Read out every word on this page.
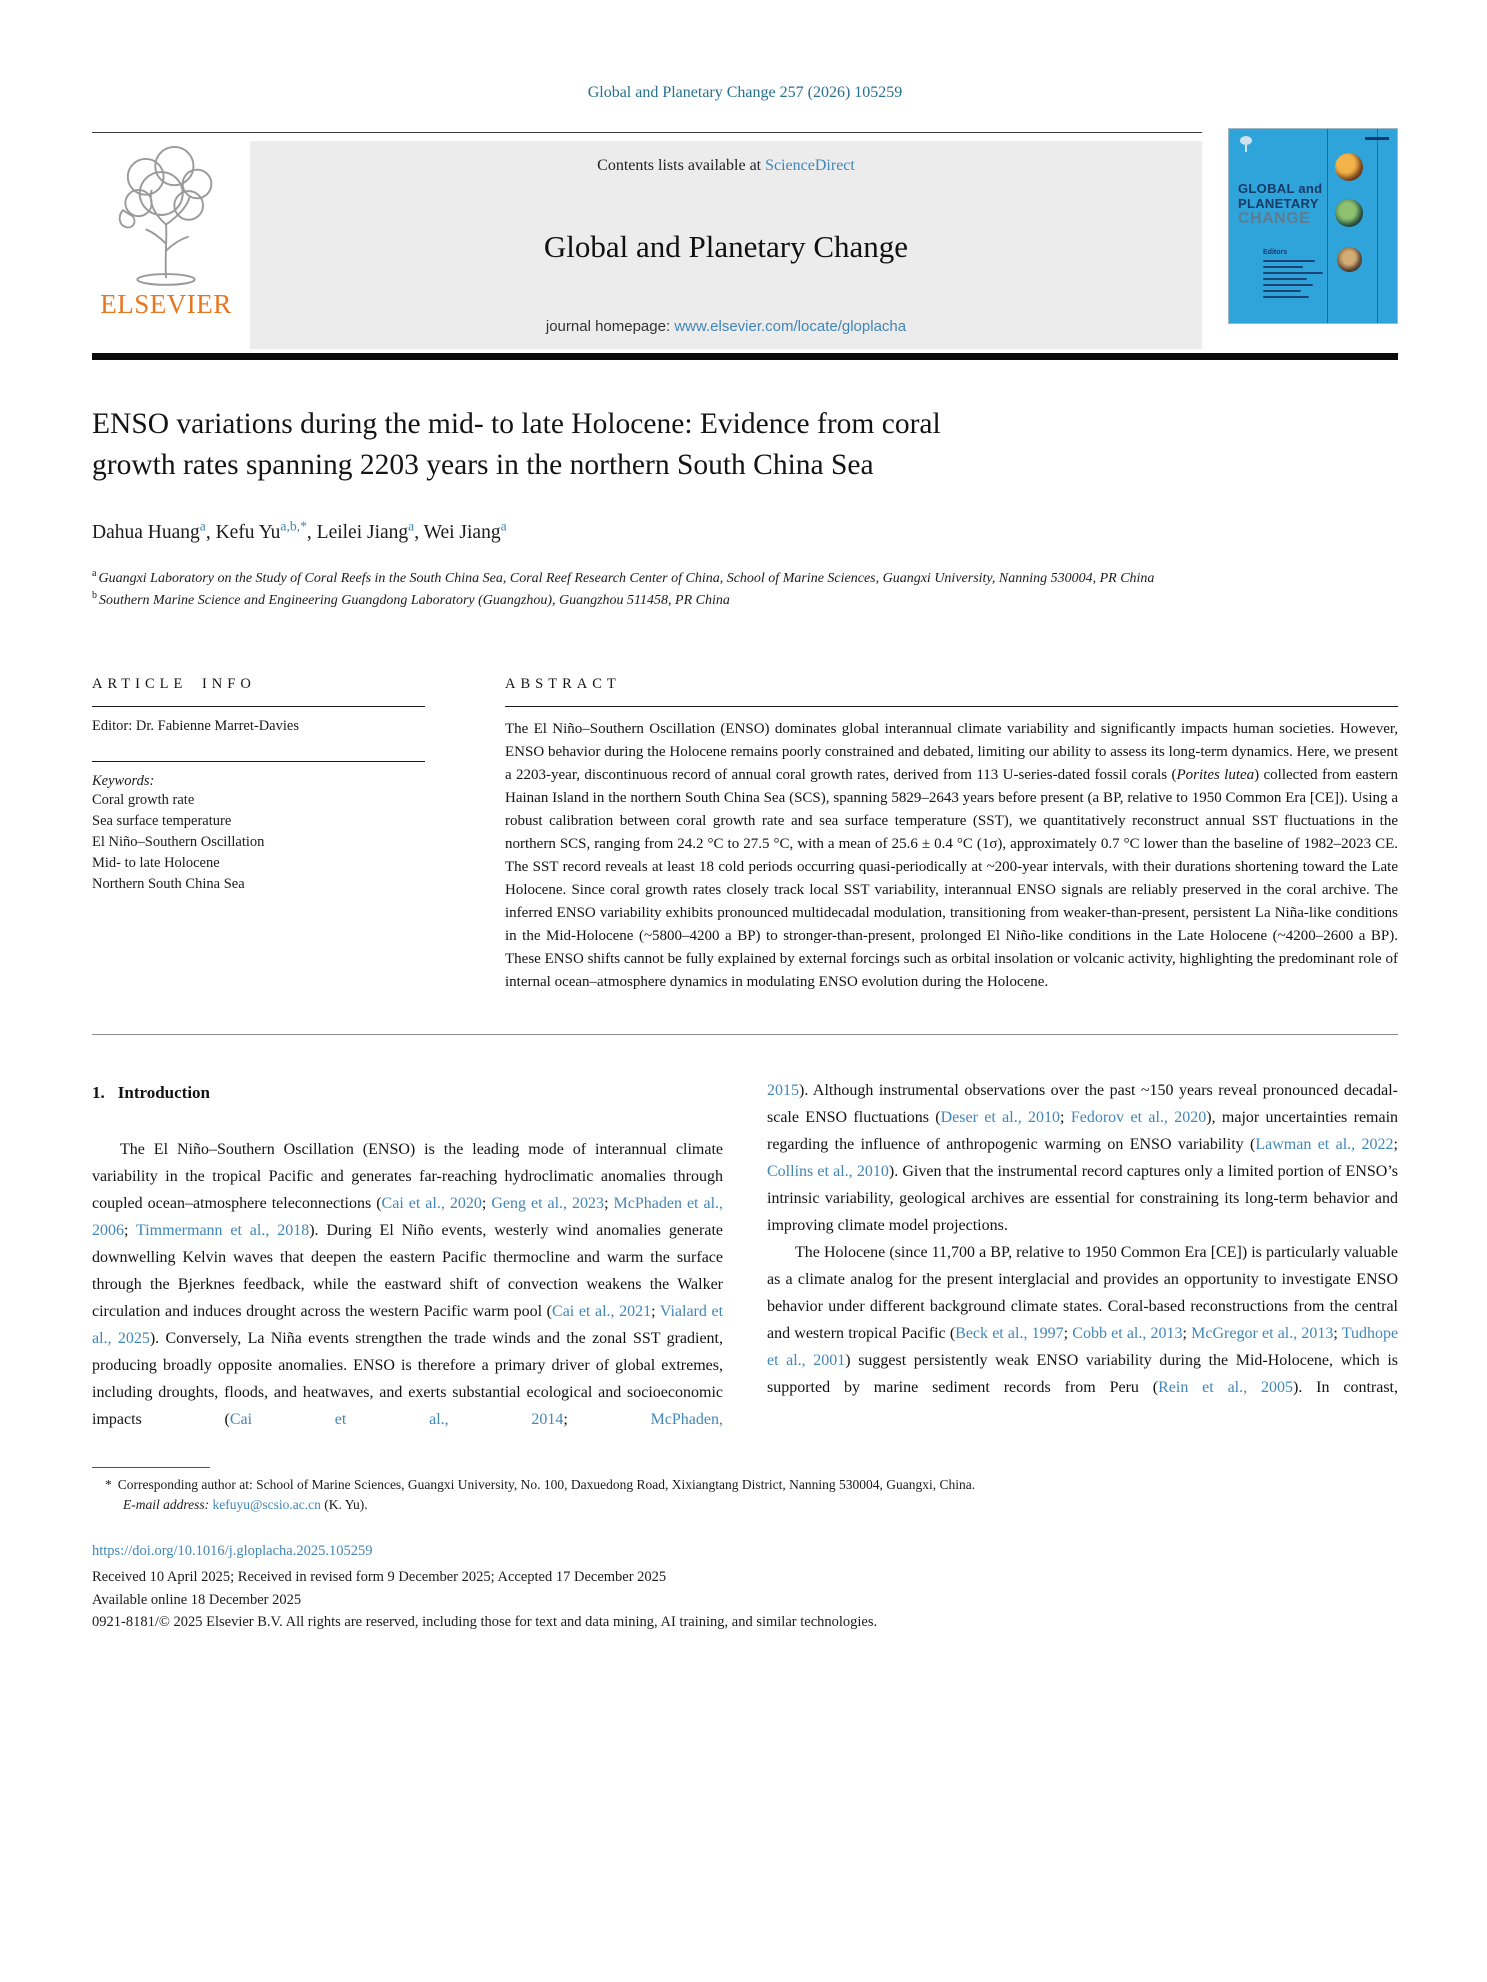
Global and Planetary Change 257 (2026) 105259
ELSEVIER
Contents lists available at ScienceDirect
Global and Planetary Change
journal homepage: www.elsevier.com/locate/gloplacha
GLOBAL and
PLANETARY
CHANGE
Editors
ENSO variations during the mid- to late Holocene: Evidence from coral growth rates spanning 2203 years in the northern South China Sea
Dahua Huang$^a$, Kefu $Yu^{a,b,*}$, Leilei Jiang$^a$, Wei Jiang$^a$
$^a$ Guangxi Laboratory on the Study of Coral Reefs in the South China Sea, Coral Reef Research Center of China, School of Marine Sciences, Guangxi University, Nanning 530004, PR China
$^b$ Southern Marine Science and Engineering Guangdong Laboratory (Guangzhou), Guangzhou 511458, PR China
ARTICLE INFO
Editor: Dr. Fabienne Marret-Davies
Keywords:
Coral growth rate
Sea surface temperature
El Niño–Southern Oscillation
Mid- to late Holocene
Northern South China Sea
ABSTRACT
The El Niño–Southern Oscillation (ENSO) dominates global interannual climate variability and significantly impacts human societies. However, ENSO behavior during the Holocene remains poorly constrained and debated, limiting our ability to assess its long-term dynamics. Here, we present a 2203-year, discontinuous record of annual coral growth rates, derived from 113 U-series-dated fossil corals (Porites lutea) collected from eastern Hainan Island in the northern South China Sea (SCS), spanning 5829–2643 years before present (a BP, relative to 1950 Common Era [CE]). Using a robust calibration between coral growth rate and sea surface temperature (SST), we quantitatively reconstruct annual SST fluctuations in the northern SCS, ranging from 24.2 °C to 27.5 °C, with a mean of 25.6 ± 0.4 °C (1σ), approximately 0.7 °C lower than the baseline of 1982–2023 CE. The SST record reveals at least 18 cold periods occurring quasi-periodically at ~200-year intervals, with their durations shortening toward the Late Holocene. Since coral growth rates closely track local SST variability, interannual ENSO signals are reliably preserved in the coral archive. The inferred ENSO variability exhibits pronounced multidecadal modulation, transitioning from weaker-than-present, persistent La Niña-like conditions in the Mid-Holocene (~5800–4200 a BP) to stronger-than-present, prolonged El Niño-like conditions in the Late Holocene (~4200–2600 a BP). These ENSO shifts cannot be fully explained by external forcings such as orbital insolation or volcanic activity, highlighting the predominant role of internal ocean–atmosphere dynamics in modulating ENSO evolution during the Holocene.
1. Introduction
The El Niño–Southern Oscillation (ENSO) is the leading mode of interannual climate variability in the tropical Pacific and generates far-reaching hydroclimatic anomalies through coupled ocean–atmosphere teleconnections (Cai et al., 2020; Geng et al., 2023; McPhaden et al., 2006; Timmermann et al., 2018). During El Niño events, westerly wind anomalies generate downwelling Kelvin waves that deepen the eastern Pacific thermocline and warm the surface through the Bjerknes feedback, while the eastward shift of convection weakens the Walker circulation and induces drought across the western Pacific warm pool (Cai et al., 2021; Vialard et al., 2025). Conversely, La Niña events strengthen the trade winds and the zonal SST gradient, producing broadly opposite anomalies. ENSO is therefore a primary driver of global extremes, including droughts, floods, and heatwaves, and exerts substantial ecological and socioeconomic impacts (Cai et al., 2014; McPhaden,
2015). Although instrumental observations over the past ~150 years reveal pronounced decadal-scale ENSO fluctuations (Deser et al., 2010; Fedorov et al., 2020), major uncertainties remain regarding the influence of anthropogenic warming on ENSO variability (Lawman et al., 2022; Collins et al., 2010). Given that the instrumental record captures only a limited portion of ENSO’s intrinsic variability, geological archives are essential for constraining its long-term behavior and improving climate model projections.
The Holocene (since 11,700 a BP, relative to 1950 Common Era [CE]) is particularly valuable as a climate analog for the present interglacial and provides an opportunity to investigate ENSO behavior under different background climate states. Coral-based reconstructions from the central and western tropical Pacific (Beck et al., 1997; Cobb et al., 2013; McGregor et al., 2013; Tudhope et al., 2001) suggest persistently weak ENSO variability during the Mid-Holocene, which is supported by marine sediment records from Peru (Rein et al., 2005). In contrast,
* Corresponding author at: School of Marine Sciences, Guangxi University, No. 100, Daxuedong Road, Xixiangtang District, Nanning 530004, Guangxi, China.
E-mail address: kefuyu@scsio.ac.cn (K. Yu).
https://doi.org/10.1016/j.gloplacha.2025.105259
Received 10 April 2025; Received in revised form 9 December 2025; Accepted 17 December 2025
Available online 18 December 2025
0921-8181/© 2025 Elsevier B.V. All rights are reserved, including those for text and data mining, AI training, and similar technologies.
